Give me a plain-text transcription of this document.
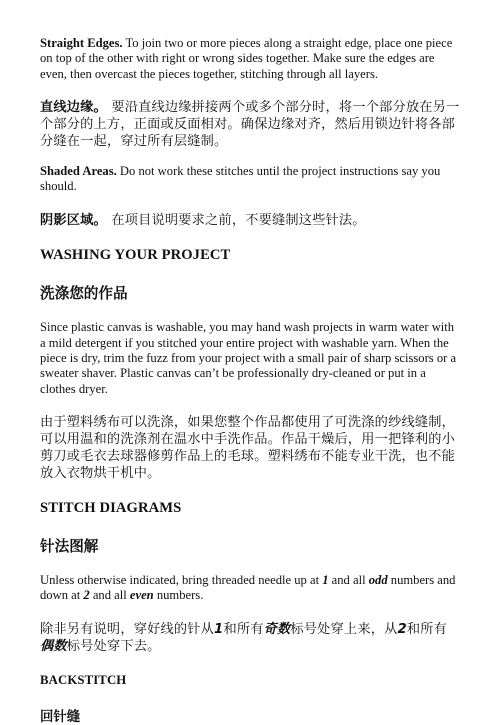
Straight Edges. To join two or more pieces along a straight edge, place one piece on top of the other with right or wrong sides together. Make sure the edges are even, then overcast the pieces together, stitching through all layers.

直线边缘。 要沿直线边缘拼接两个或多个部分时，将一个部分放在另一个部分的上方，正面或反面相对。确保边缘对齐，然后用锁边针将各部分缝在一起，穿过所有层缝制。

Shaded Areas. Do not work these stitches until the project instructions say you should.

阴影区域。 在项目说明要求之前，不要缝制这些针法。

WASHING YOUR PROJECT

洗涤您的作品

Since plastic canvas is washable, you may hand wash projects in warm water with a mild detergent if you stitched your entire project with washable yarn. When the piece is dry, trim the fuzz from your project with a small pair of sharp scissors or a sweater shaver. Plastic canvas can’t be professionally dry-cleaned or put in a clothes dryer.

由于塑料绣布可以洗涤，如果您整个作品都使用了可洗涤的纱线缝制，可以用温和的洗涤剂在温水中手洗作品。作品干燥后，用一把锋利的小剪刀或毛衣去球器修剪作品上的毛球。塑料绣布不能专业干洗，也不能放入衣物烘干机中。

STITCH DIAGRAMS

针法图解

Unless otherwise indicated, bring threaded needle up at 1 and all odd numbers and down at 2 and all even numbers.

除非另有说明，穿好线的针从1和所有奇数标号处穿上来，从2和所有偶数标号处穿下去。

BACKSTITCH

回针缝
